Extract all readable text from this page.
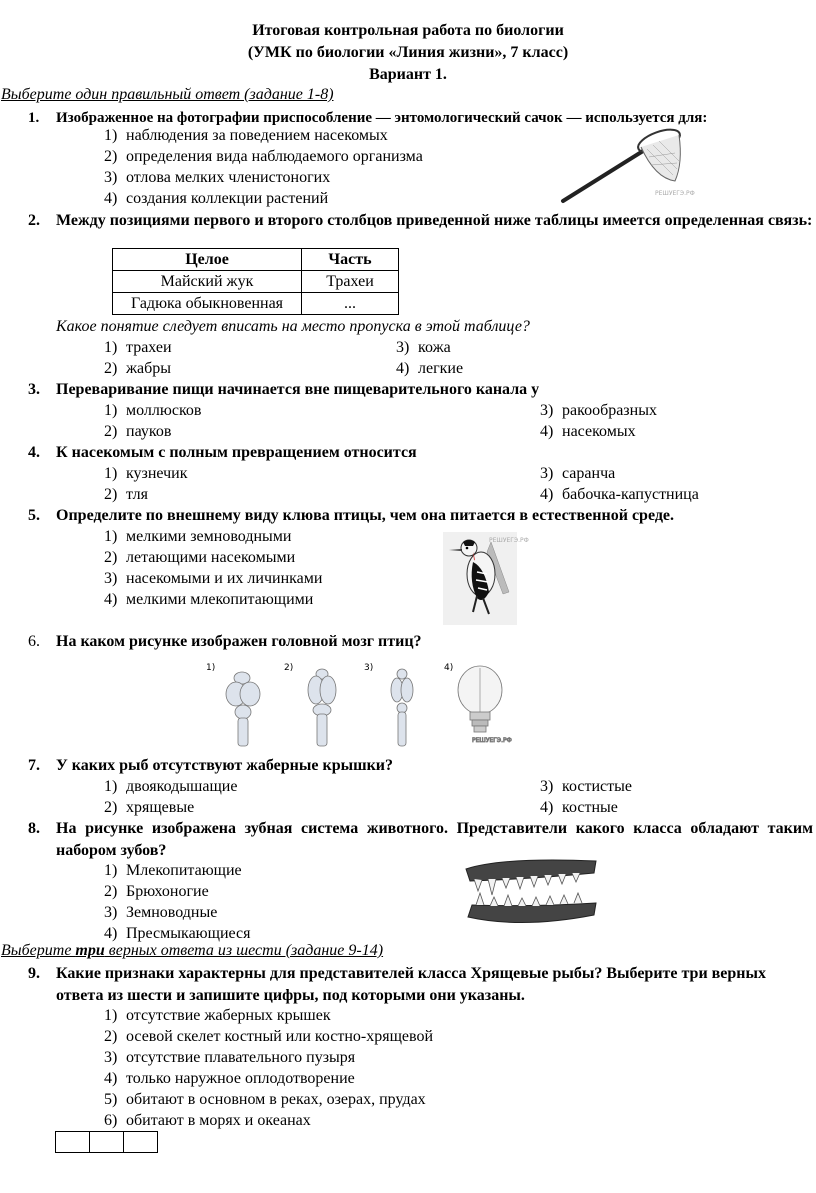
Итоговая контрольная работа по биологии
(УМК по биологии «Линия жизни», 7 класс)
Вариант 1.
Выберите один правильный ответ (задание 1-8)
1.	Изображенное на фотографии приспособление — энтомологический сачок — используется для:
1) наблюдения за поведением насекомых
2) определения вида наблюдаемого организма
3) отлова мелких членистоногих
4) создания коллекции растений	РЕШУЕГЭ.РФ
2.	Между позициями первого и второго столбцов приведенной ниже таблицы имеется определенная связь:
Целое	Часть
Майский жук	Трахеи
Гадюка обыкновенная	...
Какое понятие следует вписать на место пропуска в этой таблице?
1) трахеи
2) жабры
3) кожа
4) легкие
3.	Переваривание пищи начинается вне пищеварительного канала у
1) моллюсков
2) пауков
3) ракообразных
4) насекомых
4.	К насекомым с полным превращением относится
1) кузнечик
2) тля
3) саранча
4) бабочка-капустница
5.	Определите по внешнему виду клюва птицы, чем она питается в естественной среде.
1) мелкими земноводными
2) летающими насекомыми
3) насекомыми и их личинками
4) мелкими млекопитающими
РЕШУЕГЭ.РФ
6.	На каком рисунке изображен головной мозг птиц?
1)	2)	3)	4)
РЕШУЕГЭ.РФ
7.	У каких рыб отсутствуют жаберные крышки?
1) двоякодышащие
2) хрящевые
3) костистые
4) костные
8.	На рисунке изображена зубная система животного. Представители какого класса обладают таким набором зубов?
1) Млекопитающие
2) Брюхоногие
3) Земноводные
4) Пресмыкающиеся
Выберите три верных ответа из шести (задание 9-14)
9.	Какие признаки характерны для представителей класса Хрящевые рыбы? Выберите три верных ответа из шести и запишите цифры, под которыми они указаны.
1) отсутствие жаберных крышек
2) осевой скелет костный или костно-хрящевой
3) отсутствие плавательного пузыря
4) только наружное оплодотворение
5) обитают в основном в реках, озерах, прудах
6) обитают в морях и океанах
